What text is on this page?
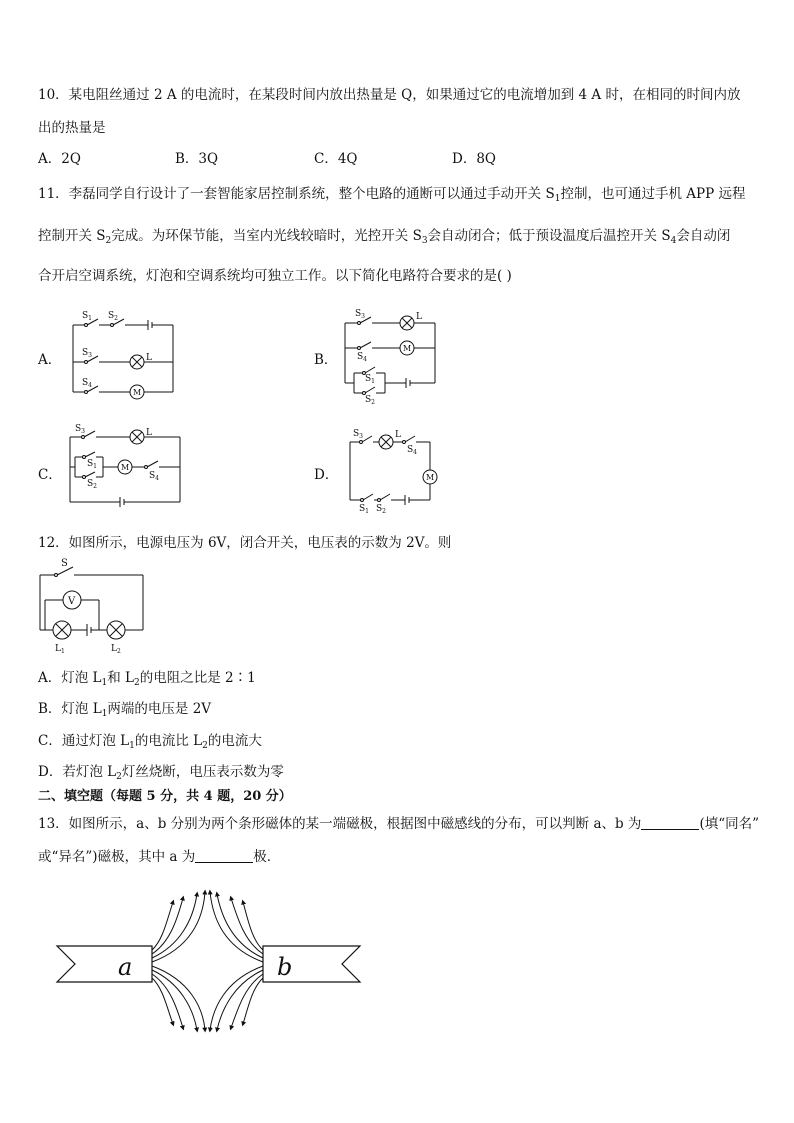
10．某电阻丝通过 2 A 的电流时，在某段时间内放出热量是 Q，如果通过它的电流增加到 4 A 时，在相同的时间内放
出的热量是
A．2Q	B．3Q	C．4Q	D．8Q
11．李磊同学自行设计了一套智能家居控制系统，整个电路的通断可以通过手动开关 $S_1$控制，也可通过手机 APP 远程
控制开关 $S_2$完成。为环保节能，当室内光线较暗时，光控开关 $S_3$会自动闭合；低于预设温度后温控开关 $S_4$会自动闭
合开启空调系统，灯泡和空调系统均可独立工作。以下简化电路符合要求的是( )
A．	B．
C．	D．
$S_1$ $S_2$
$S_3$	L
$S_4$
M
$S_3$	L
$S_4$
M
$S_1$
$S_2$
$S_3$	L
$S_1$
$S_2$
M
$S_4$
$S_3$	L
$S_4$
M
$S_1$ $S_2$
12．如图所示，电源电压为 6V，闭合开关，电压表的示数为 2V。则
S
V
$L_1$	$L_2$
A．灯泡 $L_1$和 $L_2$的电阻之比是 2∶1
B．灯泡 $L_1$两端的电压是 2V
C．通过灯泡 $L_1$的电流比 $L_2$的电流大
D．若灯泡 $L_2$灯丝烧断，电压表示数为零
二、填空题（每题 5 分，共 4 题，20 分）
13．如图所示，a、b 分别为两个条形磁体的某一端磁极，根据图中磁感线的分布，可以判断 a、b 为	(填“同名”
或“异名”)磁极，其中 a 为	极．
a	b
